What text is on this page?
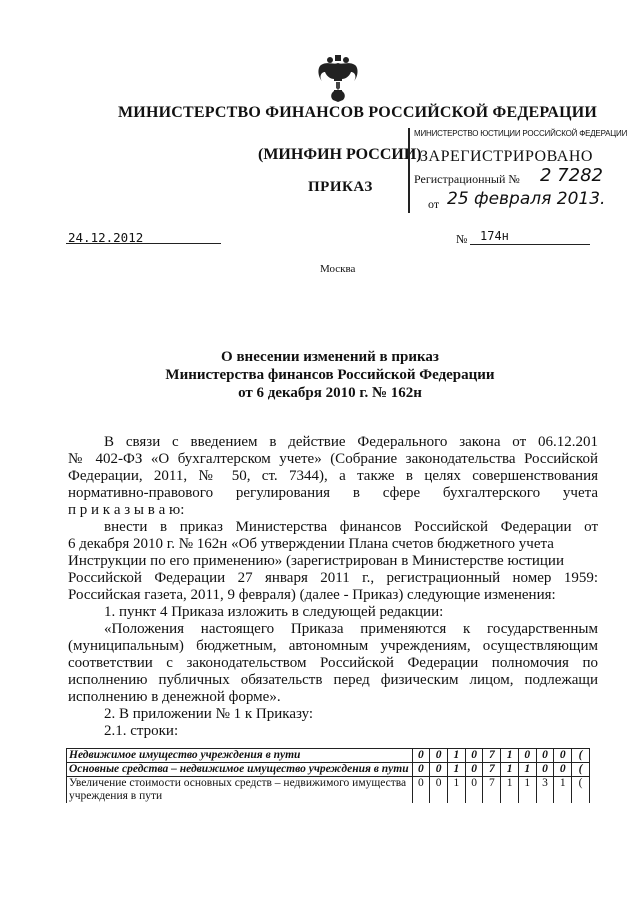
МИНИСТЕРСТВО ФИНАНСОВ РОССИЙСКОЙ ФЕДЕРАЦИИ
(МИНФИН РОССИИ)
ПРИКАЗ
МИНИСТЕРСТВО ЮСТИЦИИ РОССИЙСКОЙ ФЕДЕРАЦИИ
ЗАРЕГИСТРИРОВАНО
Регистрационный № 2 7282
от 25 февраля 2013.
24.12.2012	№ 174н
Москва
О внесении изменений в приказ
Министерства финансов Российской Федерации
от 6 декабря 2010 г. № 162н

В связи с введением в действие Федерального закона от 06.12.201

№ 402-ФЗ «О бухгалтерском учете» (Собрание законодательства Российской

Федерации, 2011, № 50, ст. 7344), а также в целях совершенствования

нормативно-правового регулирования в сфере бухгалтерского учета

п р и к а з ы в а ю:

внести в приказ Министерства финансов Российской Федерации от

6 декабря 2010 г. № 162н «Об утверждении Плана счетов бюджетного учета

Инструкции по его применению» (зарегистрирован в Министерстве юстиции

Российской Федерации 27 января 2011 г., регистрационный номер 1959:

Российская газета, 2011, 9 февраля) (далее - Приказ) следующие изменения:

1. пункт 4 Приказа изложить в следующей редакции:

«Положения настоящего Приказа применяются к государственным

(муниципальным) бюджетным, автономным учреждениям, осуществляющим

соответствии с законодательством Российской Федерации полномочия по

исполнению публичных обязательств перед физическим лицом, подлежащи

исполнению в денежной форме».

2. В приложении № 1 к Приказу:

2.1. строки:

Недвижимое имущество учреждения в пути	0	0	1	0	7	1	0	0	0	(
Основные средства – недвижимое имущество учреждения в пути	0	0	1	0	7	1	1	0	0	(
Увеличение стоимости основных средств – недвижимого имущества учреждения в пути	0	0	1	0	7	1	1	3	1	(
